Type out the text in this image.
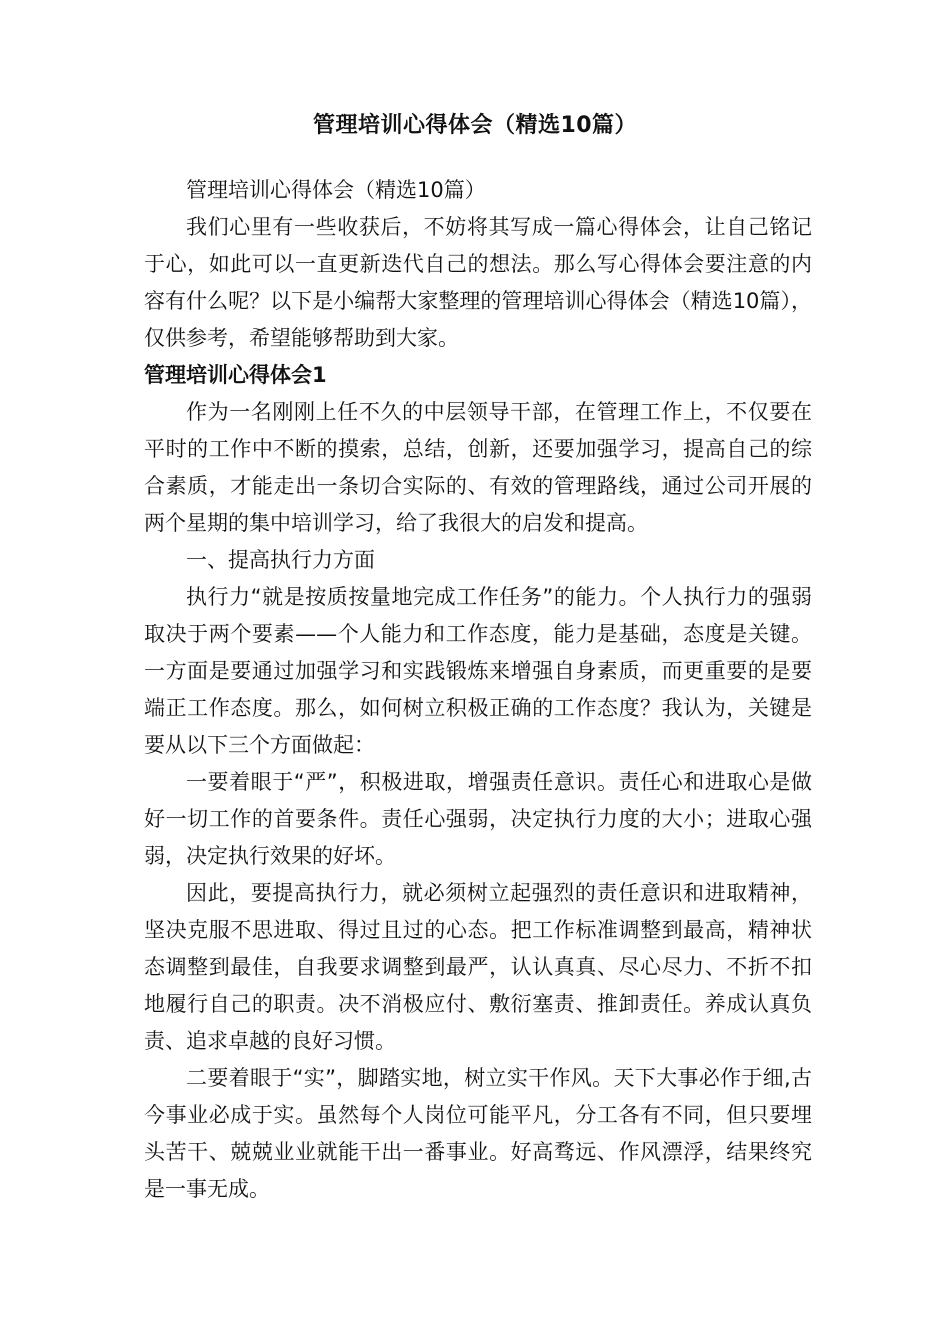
管理培训心得体会（精选10篇）

管理培训心得体会（精选10篇）

我们心里有一些收获后，不妨将其写成一篇心得体会，让自己铭记于心，如此可以一直更新迭代自己的想法。那么写心得体会要注意的内容有什么呢？以下是小编帮大家整理的管理培训心得体会（精选10篇），仅供参考，希望能够帮助到大家。

管理培训心得体会1

作为一名刚刚上任不久的中层领导干部，在管理工作上，不仅要在平时的工作中不断的摸索，总结，创新，还要加强学习，提高自己的综合素质，才能走出一条切合实际的、有效的管理路线，通过公司开展的两个星期的集中培训学习，给了我很大的启发和提高。

一、提高执行力方面

执行力“就是按质按量地完成工作任务”的能力。个人执行力的强弱取决于两个要素——个人能力和工作态度，能力是基础，态度是关键。一方面是要通过加强学习和实践锻炼来增强自身素质，而更重要的是要端正工作态度。那么，如何树立积极正确的工作态度？我认为，关键是要从以下三个方面做起：

一要着眼于“严”，积极进取，增强责任意识。责任心和进取心是做好一切工作的首要条件。责任心强弱，决定执行力度的大小；进取心强弱，决定执行效果的好坏。

因此，要提高执行力，就必须树立起强烈的责任意识和进取精神，坚决克服不思进取、得过且过的心态。把工作标准调整到最高，精神状态调整到最佳，自我要求调整到最严，认认真真、尽心尽力、不折不扣地履行自己的职责。决不消极应付、敷衍塞责、推卸责任。养成认真负责、追求卓越的良好习惯。

二要着眼于“实”，脚踏实地，树立实干作风。天下大事必作于细,古今事业必成于实。虽然每个人岗位可能平凡，分工各有不同，但只要埋头苦干、兢兢业业就能干出一番事业。好高骛远、作风漂浮，结果终究是一事无成。
